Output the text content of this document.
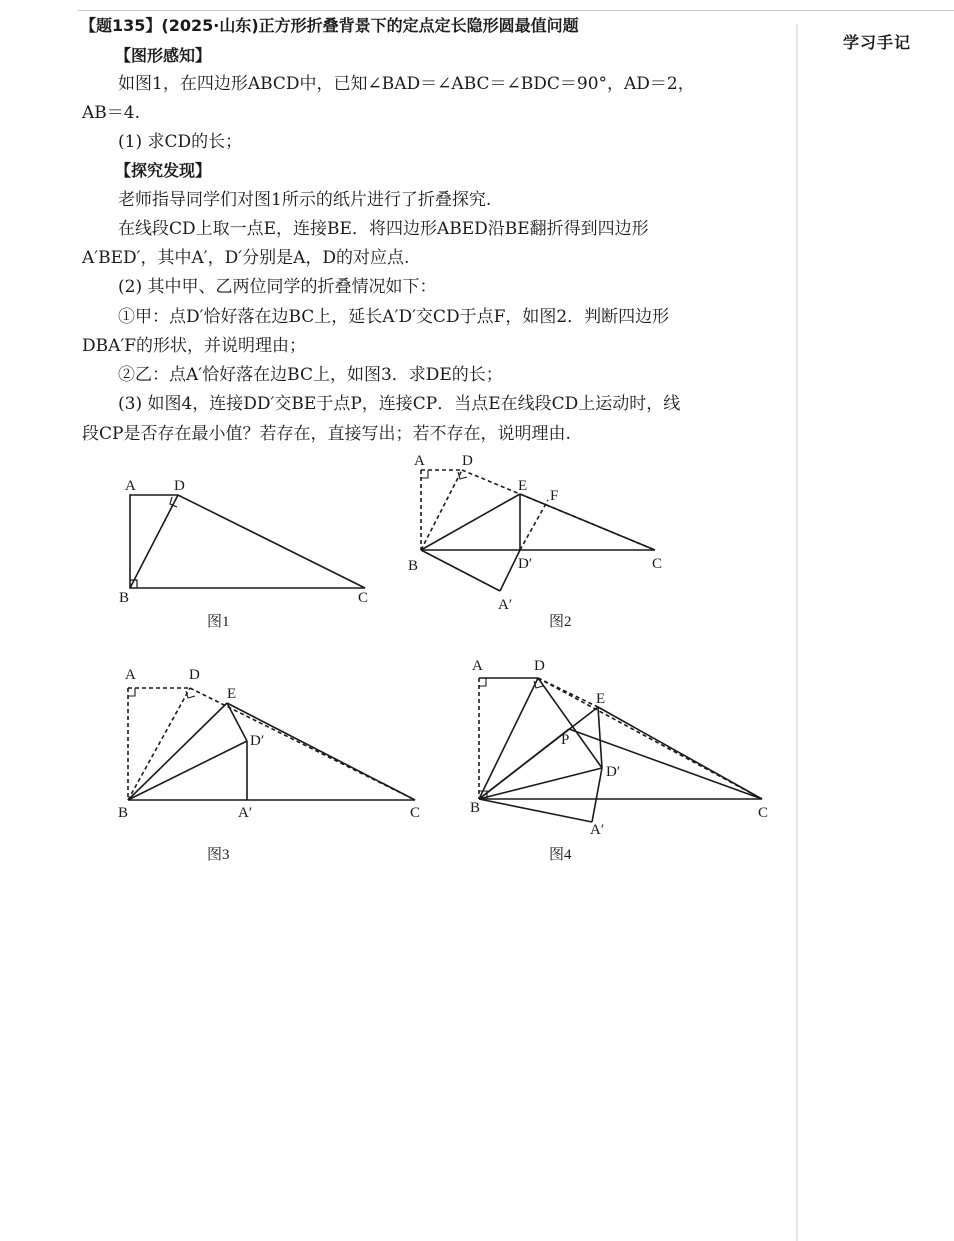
学习手记
【题135】(2025·山东)正方形折叠背景下的定点定长隐形圆最值问题
【图形感知】
如图1，在四边形ABCD中，已知∠BAD＝∠ABC＝∠BDC＝90°，AD＝2，
AB＝4.
(1) 求CD的长；
【探究发现】
老师指导同学们对图1所示的纸片进行了折叠探究.
在线段CD上取一点E，连接BE．将四边形ABED沿BE翻折得到四边形
A′BED′，其中A′，D′分别是A，D的对应点.
(2) 其中甲、乙两位同学的折叠情况如下：
①甲：点D′恰好落在边BC上，延长A′D′交CD于点F，如图2．判断四边形
DBA′F的形状，并说明理由；
②乙：点A′恰好落在边BC上，如图3．求DE的长；
(3) 如图4，连接DD′交BE于点P，连接CP．当点E在线段CD上运动时，线
段CP是否存在最小值？若存在，直接写出；若不存在，说明理由.
A	D
B	C
图1
A D
E
F
B	D′	C
A′
图2
A	D
E
D′
B	A′	C
图3
A	D
E
P
D′
B
A′
C
图4
